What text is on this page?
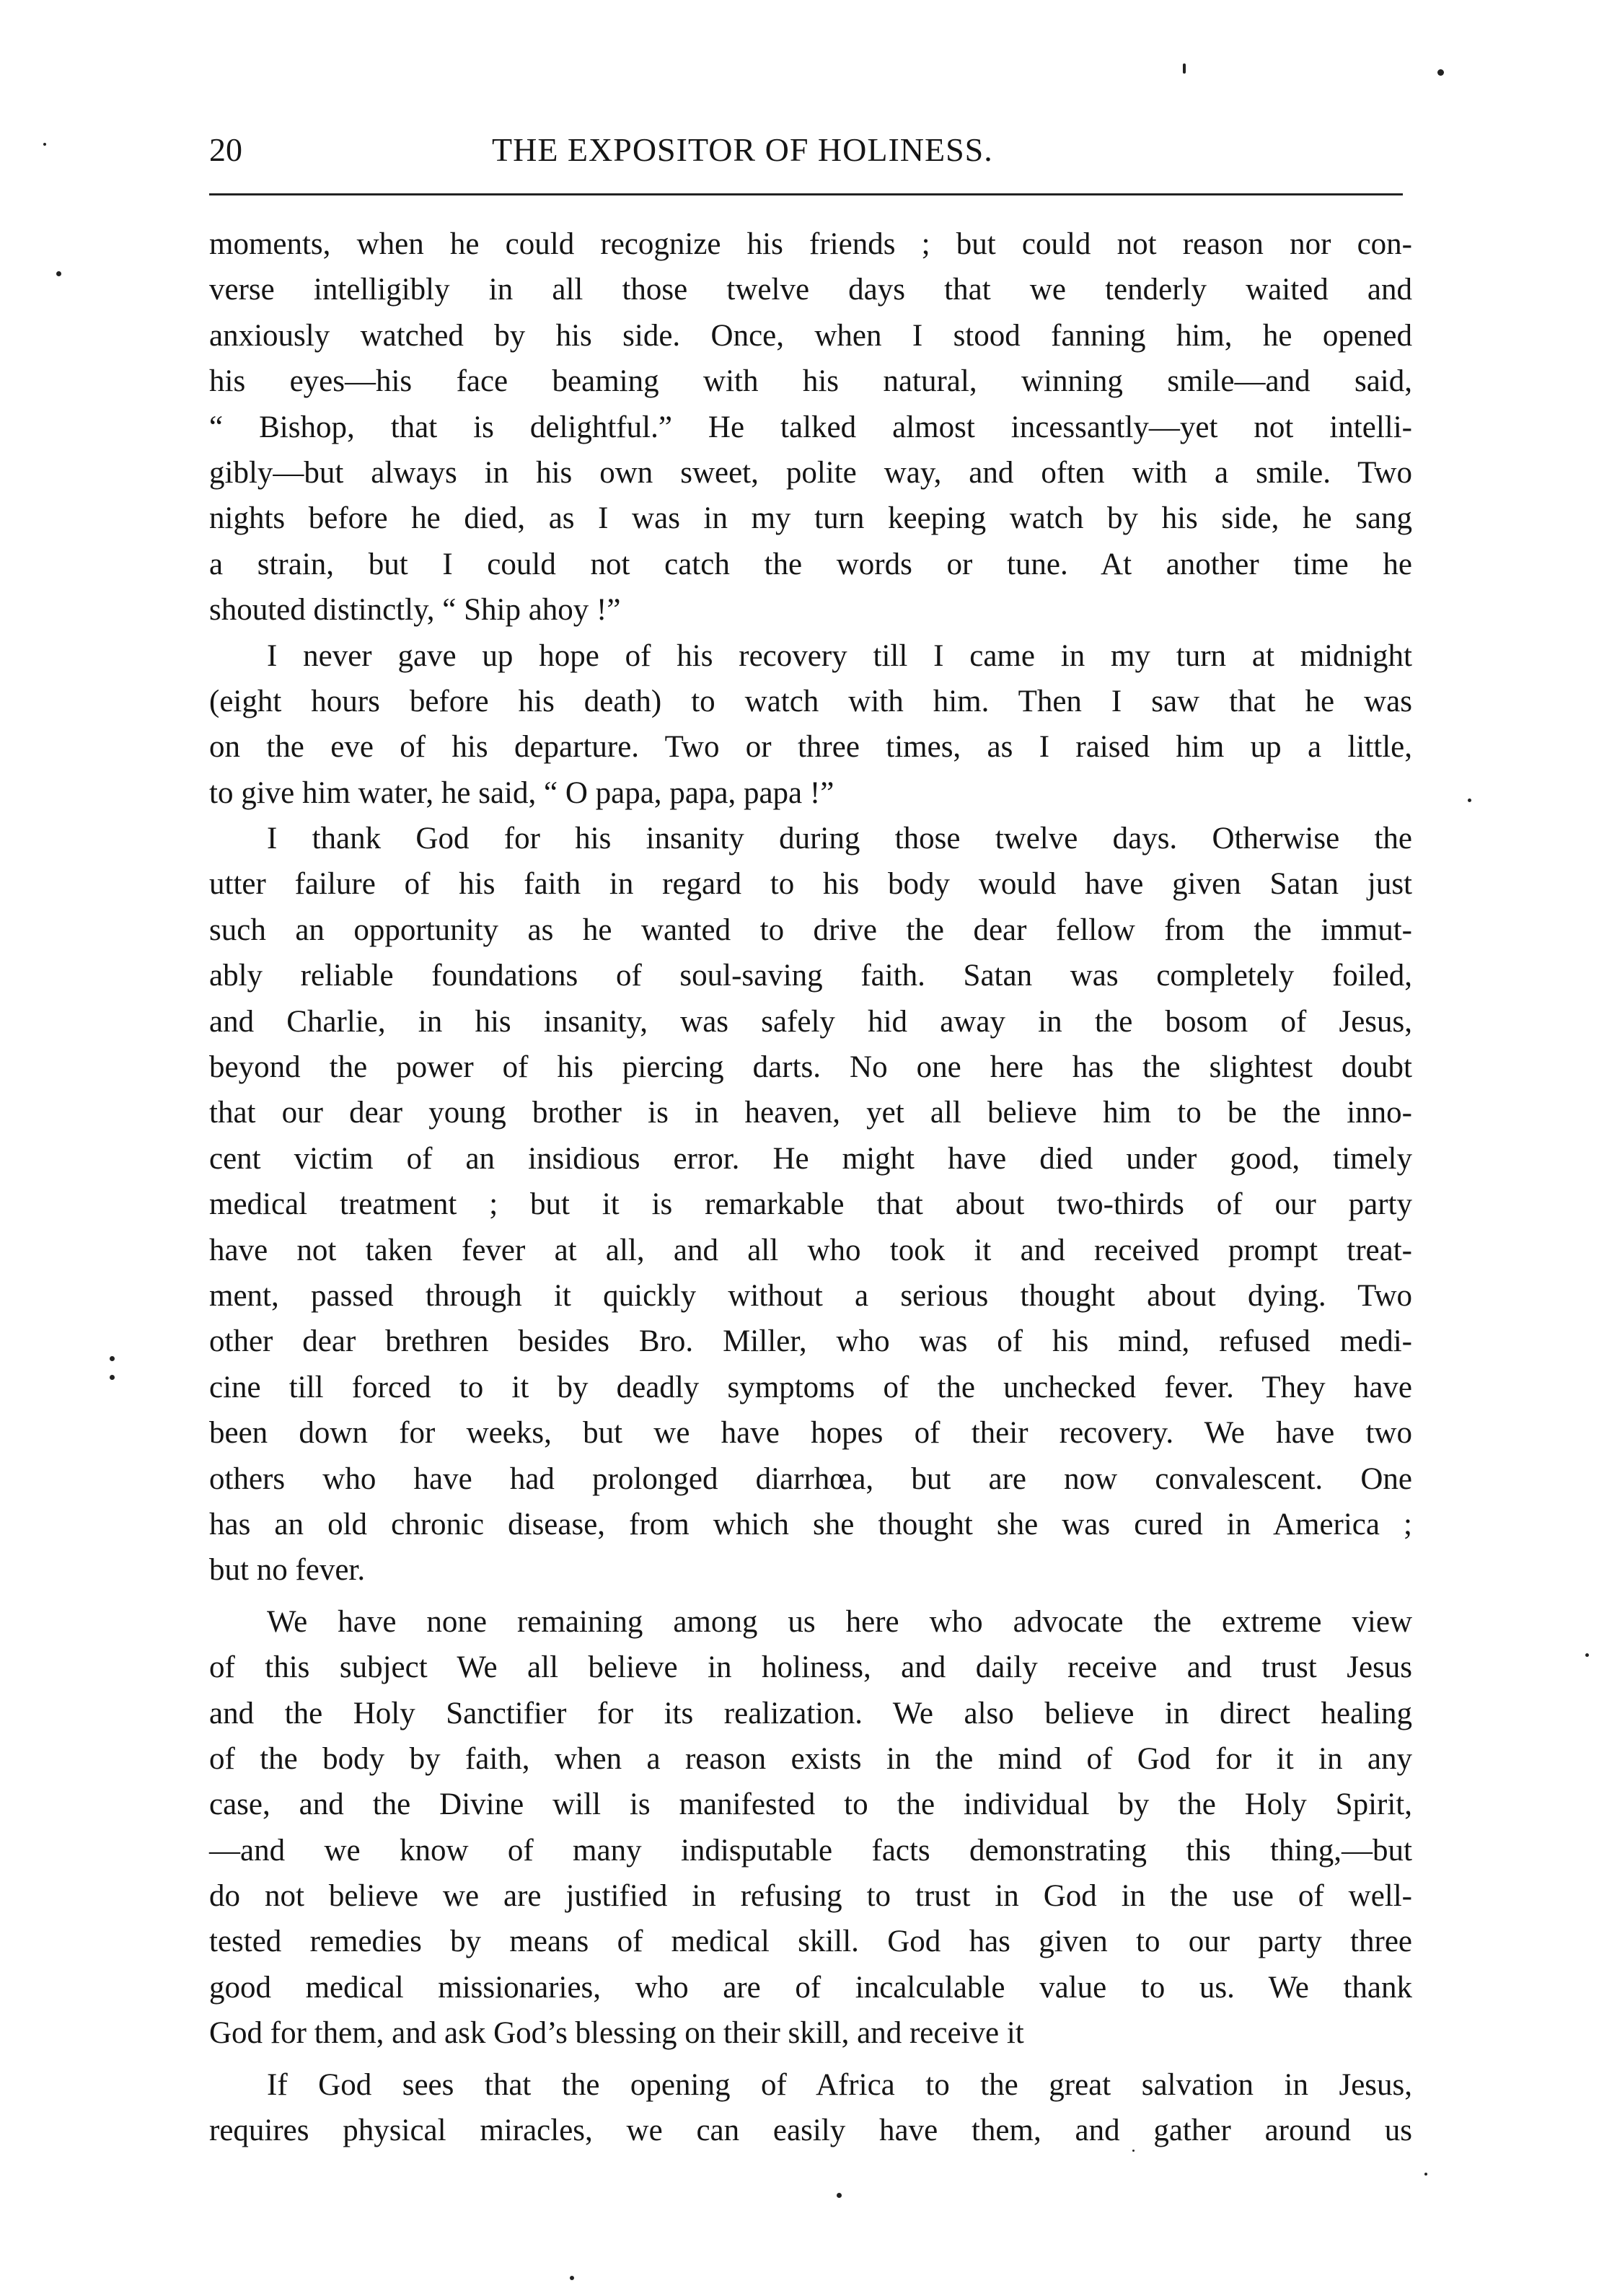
20	THE EXPOSITOR OF HOLINESS.
moments, when he could recognize his friends ; but could not reason nor con-
verse intelligibly in all those twelve days that we tenderly waited and
anxiously watched by his side. Once, when I stood fanning him, he opened
his eyes—his face beaming with his natural, winning smile—and said,
“ Bishop, that is delightful.” He talked almost incessantly—yet not intelli-
gibly—but always in his own sweet, polite way, and often with a smile. Two
nights before he died, as I was in my turn keeping watch by his side, he sang
a strain, but I could not catch the words or tune. At another time he
shouted distinctly, “ Ship ahoy !”
I never gave up hope of his recovery till I came in my turn at midnight
(eight hours before his death) to watch with him. Then I saw that he was
on the eve of his departure. Two or three times, as I raised him up a little,
to give him water, he said, “ O papa, papa, papa !”
I thank God for his insanity during those twelve days. Otherwise the
utter failure of his faith in regard to his body would have given Satan just
such an opportunity as he wanted to drive the dear fellow from the immut-
ably reliable foundations of soul-saving faith. Satan was completely foiled,
and Charlie, in his insanity, was safely hid away in the bosom of Jesus,
beyond the power of his piercing darts. No one here has the slightest doubt
that our dear young brother is in heaven, yet all believe him to be the inno-
cent victim of an insidious error. He might have died under good, timely
medical treatment ; but it is remarkable that about two-thirds of our party
have not taken fever at all, and all who took it and received prompt treat-
ment, passed through it quickly without a serious thought about dying. Two
other dear brethren besides Bro. Miller, who was of his mind, refused medi-
cine till forced to it by deadly symptoms of the unchecked fever. They have
been down for weeks, but we have hopes of their recovery. We have two
others who have had prolonged diarrhœa, but are now convalescent. One
has an old chronic disease, from which she thought she was cured in America ;
but no fever.
We have none remaining among us here who advocate the extreme view
of this subject We all believe in holiness, and daily receive and trust Jesus
and the Holy Sanctifier for its realization. We also believe in direct healing
of the body by faith, when a reason exists in the mind of God for it in any
case, and the Divine will is manifested to the individual by the Holy Spirit,
—and we know of many indisputable facts demonstrating this thing,—but
do not believe we are justified in refusing to trust in God in the use of well-
tested remedies by means of medical skill. God has given to our party three
good medical missionaries, who are of incalculable value to us. We thank
God for them, and ask God’s blessing on their skill, and receive it
If God sees that the opening of Africa to the great salvation in Jesus,
requires physical miracles, we can easily have them, and gather around us
